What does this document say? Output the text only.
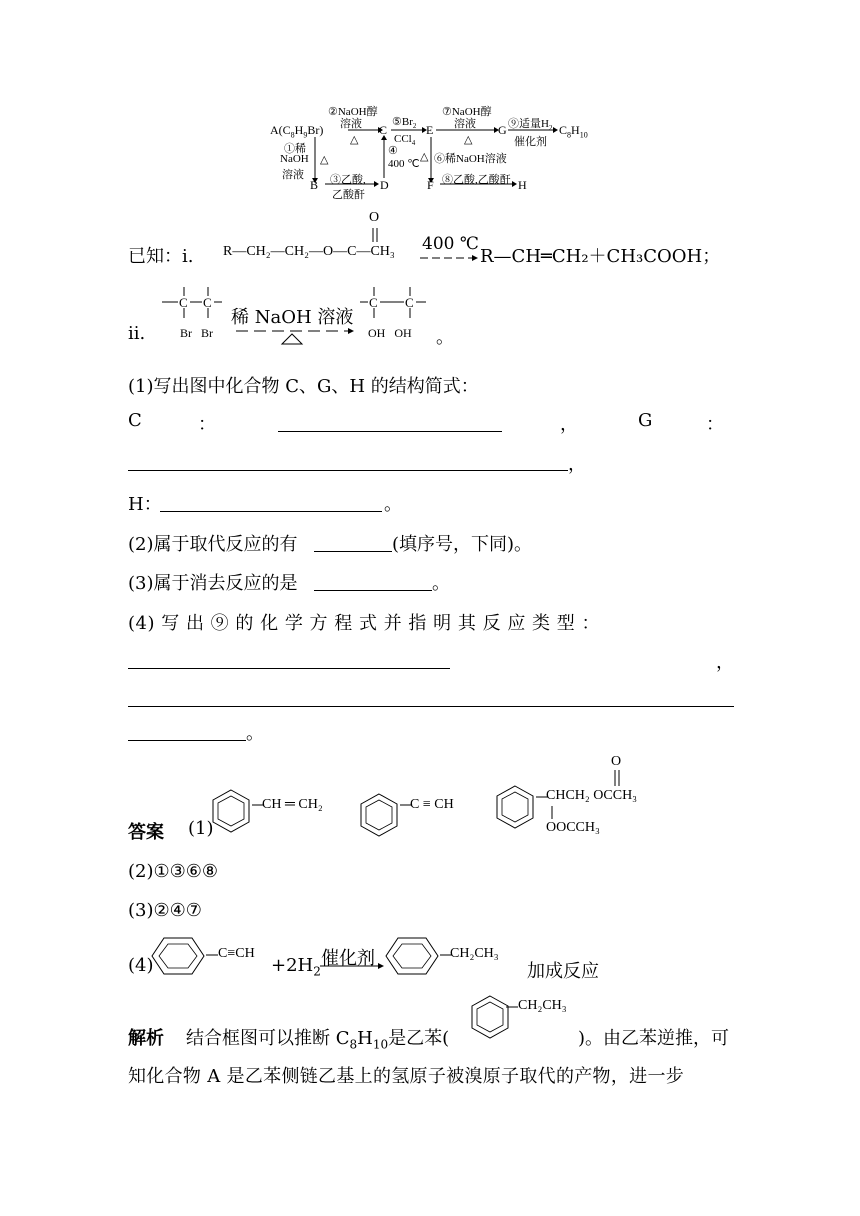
$A(C_8H_9Br)$
②NaOH醇
溶液
△
C
$⑤Br_2$
CCl$_4$
E
⑦NaOH醇
溶液
△
G ⑨适量$H_2$
催化剂
$C_8H_{10}$
①稀
NaOH
溶液
△
④
400 ℃
△ ⑥稀NaOH溶液
B ③乙酸,
乙酸酐
D	F ⑧乙酸,乙酸酐 H
已知：ⅰ. R—CH₂—CH₂—O—C—CH₃
O
400 ℃
R—CH═CH₂＋CH₃COOH；
ⅱ.
C C
Br   Br
稀 NaOH 溶液
C C
OH   OH 。
(1)写出图中化合物 C、G、H 的结构简式：
C	：	，	G	：
，
H：	。
(2)属于取代反应的有	(填序号，下同)。
(3)属于消去反应的是	。
(4) 写 出 ⑨ 的 化 学 方 程 式 并 指 明 其 反 应 类 型 ：
，
。
答案 (1)
CH ═ CH₂	C ≡ CH
O
CHCH₂ OCCH₃
OOCCH₃
(2)①③⑥⑧
(3)②④⑦
(4)
C≡CH
$+2H_2$
催化剂	CH₂CH₃
加成反应
解析 结合框图可以推断 $C_8H_{10}$是乙苯(
CH₂CH₃
)。由乙苯逆推，可
知化合物 A 是乙苯侧链乙基上的氢原子被溴原子取代的产物，进一步
